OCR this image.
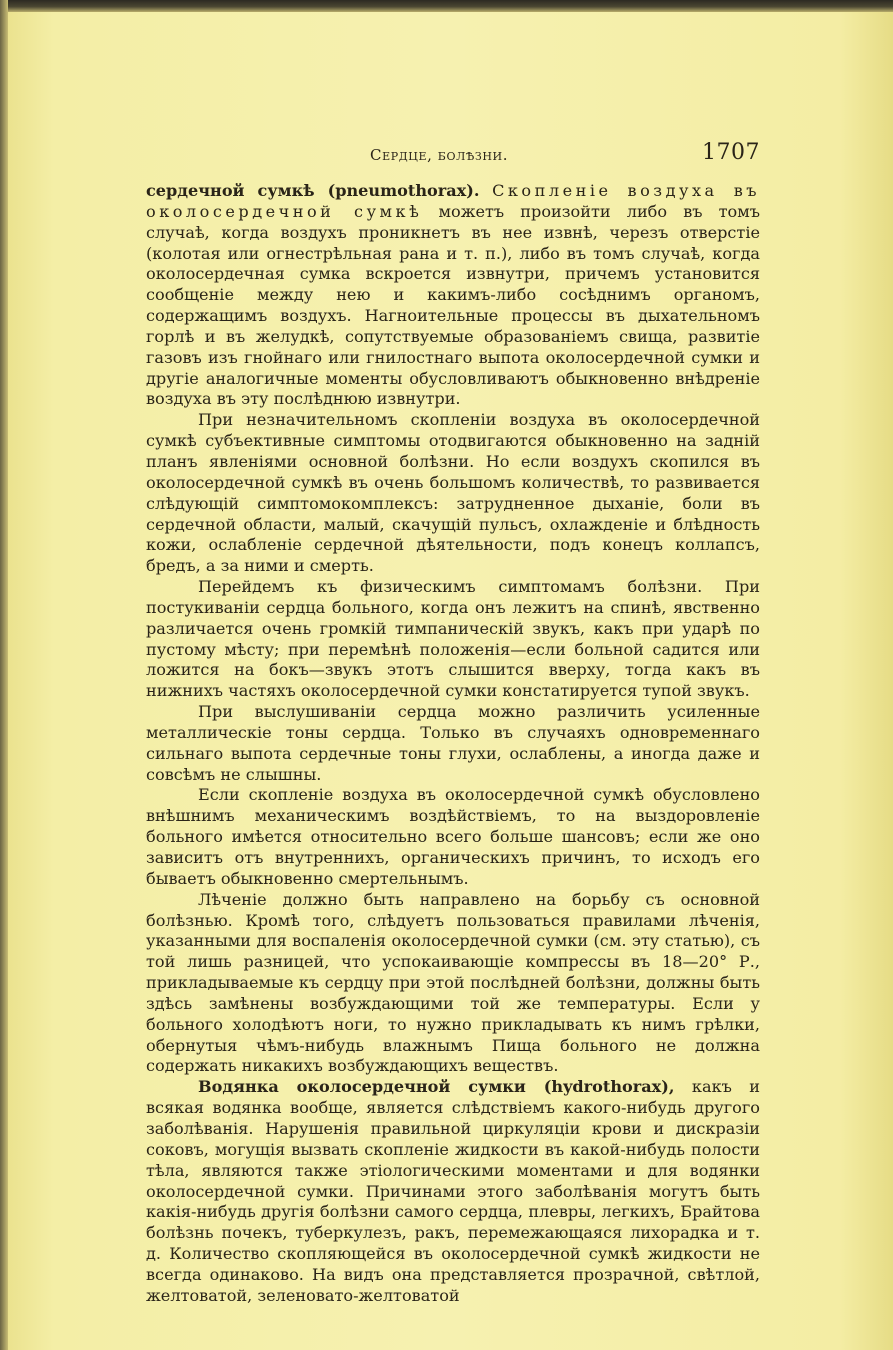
Сердце, болѣзни.	1707

сердечной сумкѣ (pneumothorax). Скопленіе воздуха въ околосердечной сумкѣ можетъ произойти либо въ томъ случаѣ, когда воздухъ проникнетъ въ нее извнѣ, черезъ отверстіе (колотая или огнестрѣльная рана и т. п.), либо въ томъ случаѣ, когда околосердечная сумка вскроется извнутри, причемъ установится сообщеніе между нею и какимъ-либо сосѣднимъ органомъ, содержащимъ воздухъ. Нагноительные процессы въ дыхательномъ горлѣ и въ желудкѣ, сопутствуемые образованіемъ свища, развитіе газовъ изъ гнойнаго или гнилостнаго выпота околосердечной сумки и другіе аналогичные моменты обусловливаютъ обыкновенно внѣдреніе воздуха въ эту послѣднюю извнутри.

При незначительномъ скопленіи воздуха въ околосердечной сумкѣ субъективные симптомы отодвигаются обыкновенно на задній планъ явленіями основной болѣзни. Но если воздухъ скопился въ околосердечной сумкѣ въ очень большомъ количествѣ, то развивается слѣдующій симптомокомплексъ: затрудненное дыханіе, боли въ сердечной области, малый, скачущій пульсъ, охлажденіе и блѣдность кожи, ослабленіе сердечной дѣятельности, подъ конецъ коллапсъ, бредъ, а за ними и смерть.

Перейдемъ къ физическимъ симптомамъ болѣзни. При постукиваніи сердца больного, когда онъ лежитъ на спинѣ, явственно различается очень громкій тимпаническій звукъ, какъ при ударѣ по пустому мѣсту; при перемѣнѣ положенія—если больной садится или ложится на бокъ—звукъ этотъ слышится вверху, тогда какъ въ нижнихъ частяхъ околосердечной сумки констатируется тупой звукъ.

При выслушиваніи сердца можно различить усиленные металлическіе тоны сердца. Только въ случаяхъ одновременнаго сильнаго выпота сердечные тоны глухи, ослаблены, а иногда даже и совсѣмъ не слышны.

Если скопленіе воздуха въ околосердечной сумкѣ обусловлено внѣшнимъ механическимъ воздѣйствіемъ, то на выздоровленіе больного имѣется относительно всего больше шансовъ; если же оно зависитъ отъ внутреннихъ, органическихъ причинъ, то исходъ его бываетъ обыкновенно смертельнымъ.

Лѣченіе должно быть направлено на борьбу съ основной болѣзнью. Кромѣ того, слѣдуетъ пользоваться правилами лѣченія, указанными для воспаленія околосердечной сумки (см. эту статью), съ той лишь разницей, что успокаивающіе компрессы въ 18—20° Р., прикладываемые къ сердцу при этой послѣдней болѣзни, должны быть здѣсь замѣнены возбуждающими той же температуры. Если у больного холодѣютъ ноги, то нужно прикладывать къ нимъ грѣлки, обернутыя чѣмъ-нибудь влажнымъ Пища больного не должна содержать никакихъ возбуждающихъ веществъ.

Водянка околосердечной сумки (hydrothorax), какъ и всякая водянка вообще, является слѣдствіемъ какого-нибудь другого заболѣванія. Нарушенія правильной циркуляціи крови и дискразіи соковъ, могущія вызвать скопленіе жидкости въ какой-нибудь полости тѣла, являются также этіологическими моментами и для водянки околосердечной сумки. Причинами этого заболѣванія могутъ быть какія-нибудь другія болѣзни самого сердца, плевры, легкихъ, Брайтова болѣзнь почекъ, туберкулезъ, ракъ, перемежающаяся лихорадка и т. д. Количество скопляющейся въ околосердечной сумкѣ жидкости не всегда одинаково. На видъ она представляется прозрачной, свѣтлой, желтоватой, зеленовато-желтоватой
